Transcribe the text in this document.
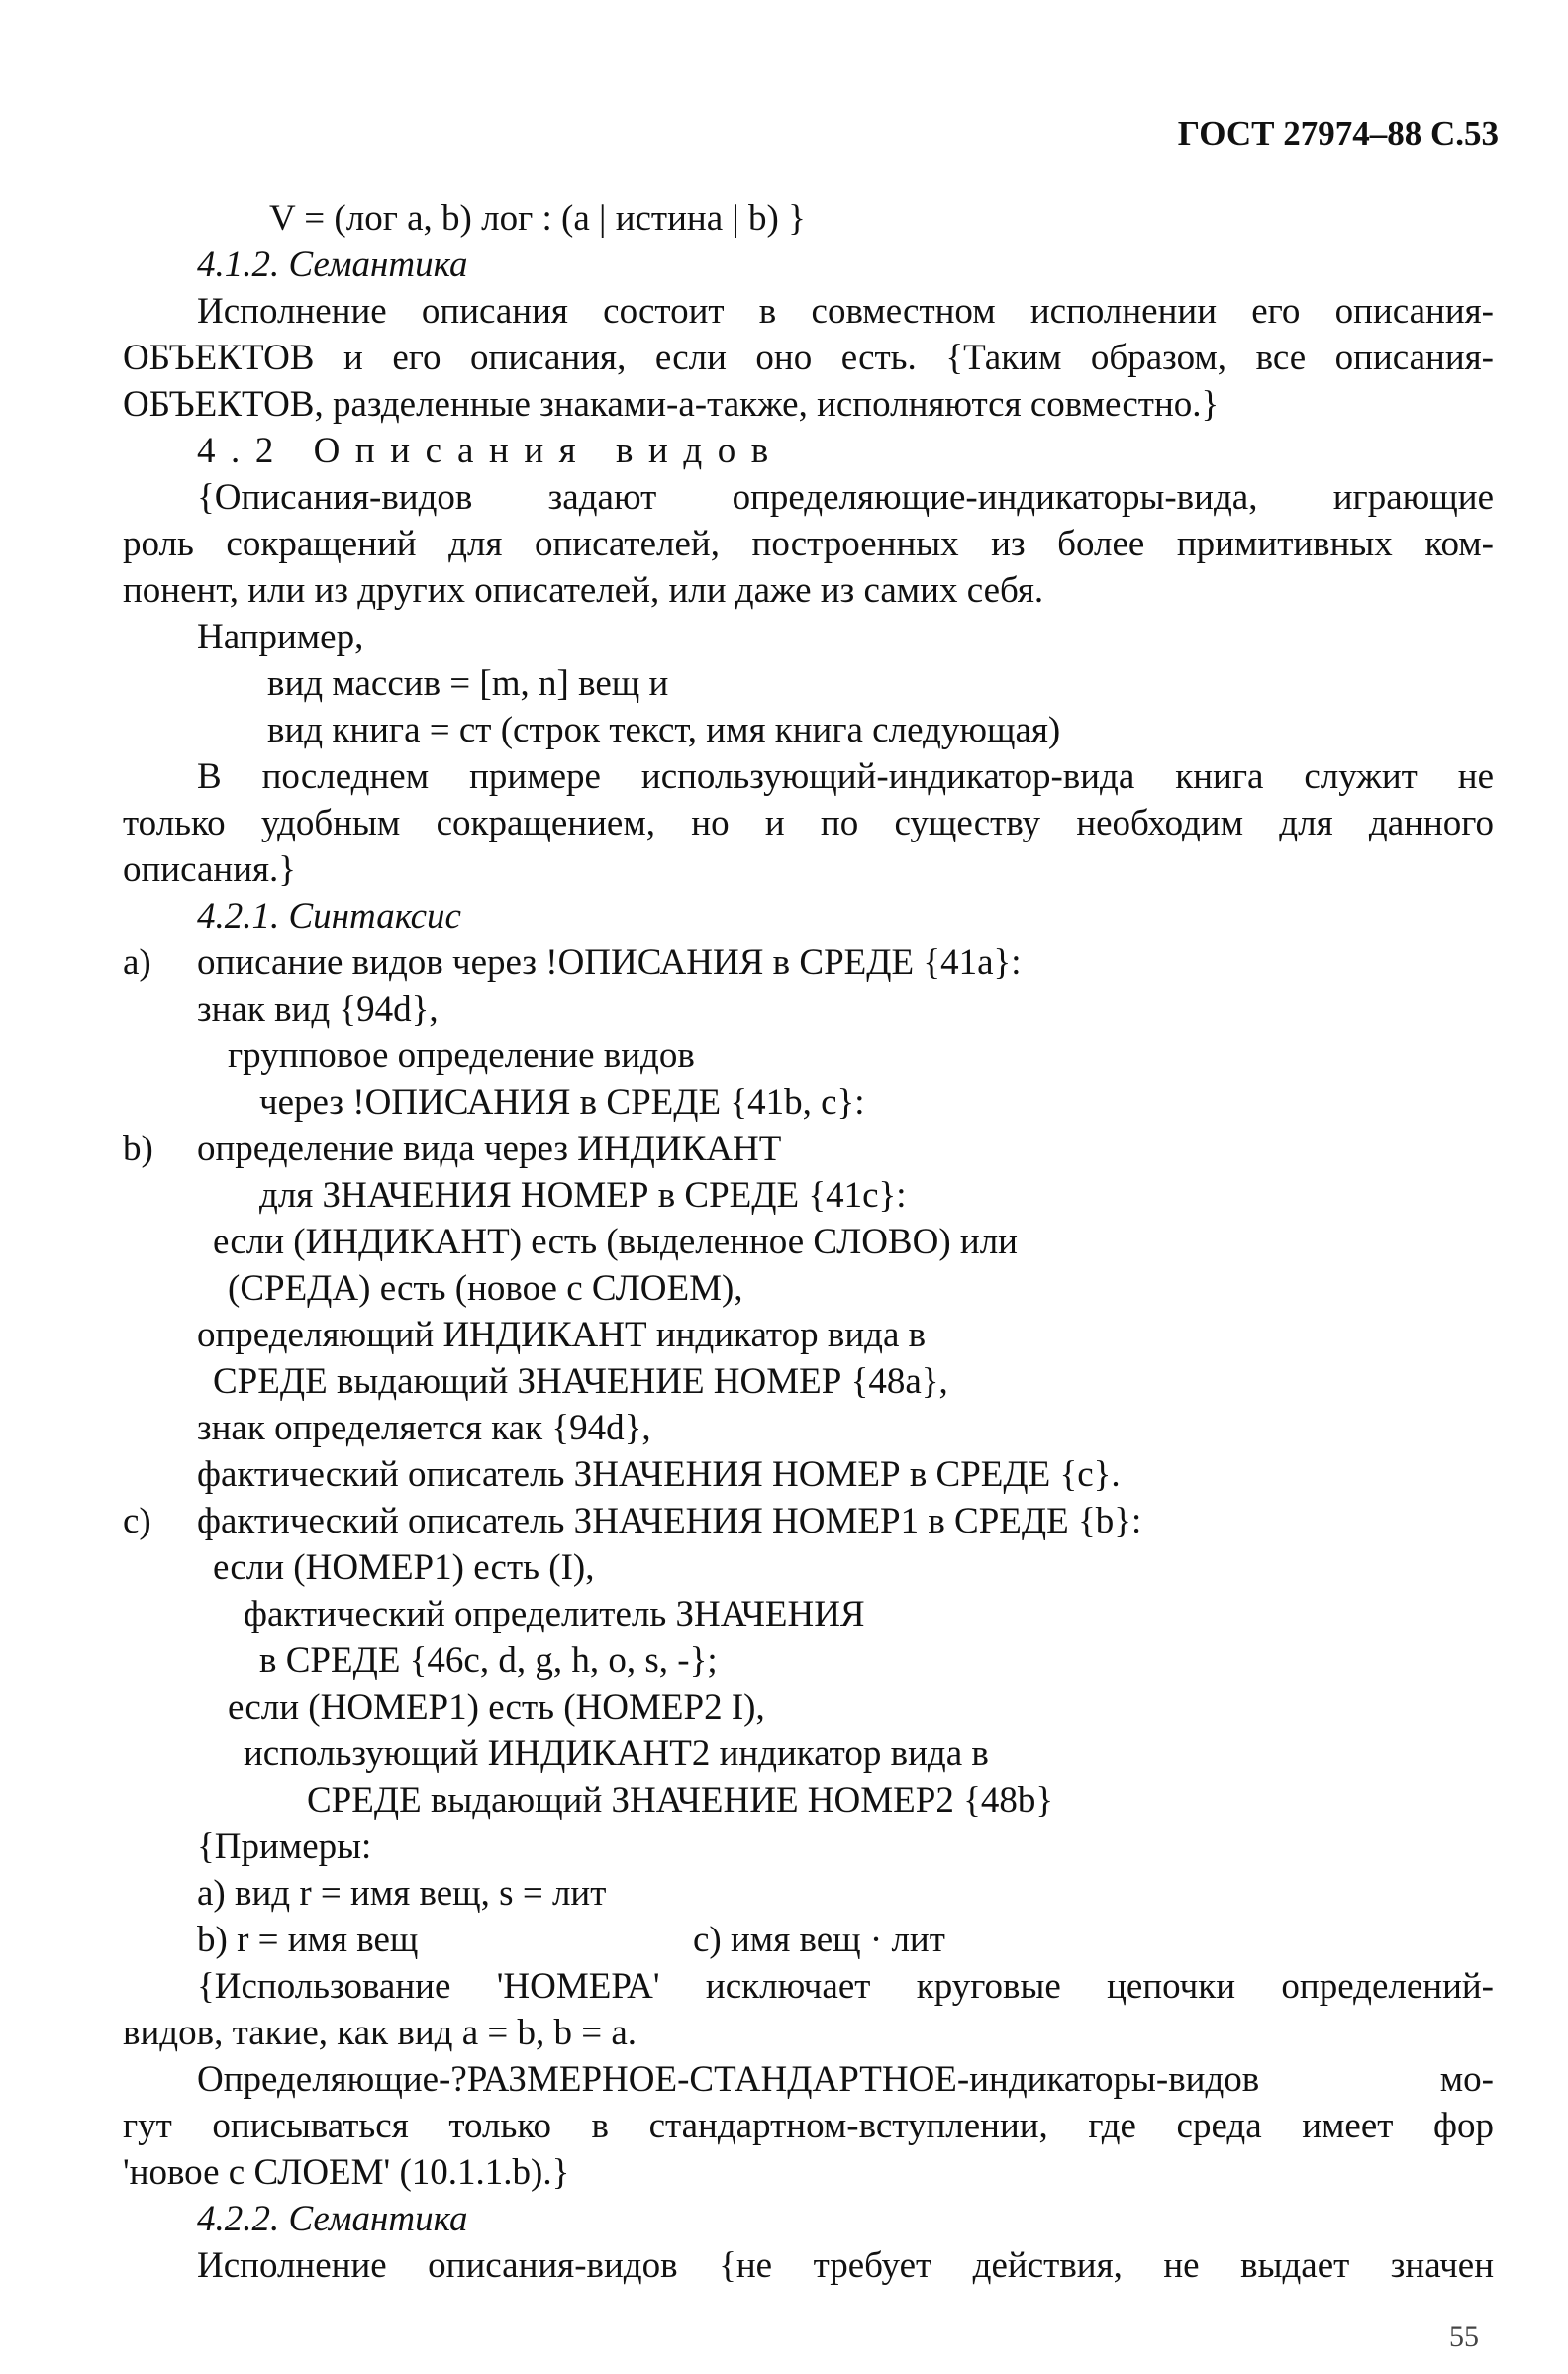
ГОСТ 27974–88 С.53
V = (лог a, b) лог : (a | истина | b) }
4.1.2. Семантика
Исполнение описания состоит в совместном исполнении его описания-
ОБЪЕКТОВ и его описания, если оно есть. {Таким образом, все описания-
ОБЪЕКТОВ, разделенные знаками-а-также, исполняются совместно.}
4.2 Описания видов
{Описания-видов задают определяющие-индикаторы-вида, играющие
роль сокращений для описателей, построенных из более примитивных ком-
понент, или из других описателей, или даже из самих себя.
Например,
вид массив = [m, n] вещ и
вид книга = ст (строк текст, имя книга следующая)
В последнем примере использующий-индикатор-вида книга служит не
только удобным сокращением, но и по существу необходим для данного
описания.}
4.2.1. Синтаксис
a) описание видов через !ОПИСАНИЯ в СРЕДЕ {41a}:
знак вид {94d},
групповое определение видов
через !ОПИСАНИЯ в СРЕДЕ {41b, c}:
b) определение вида через ИНДИКАНТ
для ЗНАЧЕНИЯ НОМЕР в СРЕДЕ {41c}:
если (ИНДИКАНТ) есть (выделенное СЛОВО) или
(СРЕДА) есть (новое с СЛОЕМ),
определяющий ИНДИКАНТ индикатор вида в
СРЕДЕ выдающий ЗНАЧЕНИЕ НОМЕР {48a},
знак определяется как {94d},
фактический описатель ЗНАЧЕНИЯ НОМЕР в СРЕДЕ {c}.
c) фактический описатель ЗНАЧЕНИЯ НОМЕР1 в СРЕДЕ {b}:
если (НОМЕР1) есть (I),
фактический определитель ЗНАЧЕНИЯ
в СРЕДЕ {46c, d, g, h, o, s, -};
если (НОМЕР1) есть (НОМЕР2 I),
использующий ИНДИКАНТ2 индикатор вида в
СРЕДЕ выдающий ЗНАЧЕНИЕ НОМЕР2 {48b}
{Примеры:
a) вид r = имя вещ, s = лит
b) r = имя вещ	c) имя вещ · лит
{Использование 'НОМЕРА' исключает круговые цепочки определений-
видов, такие, как вид a = b, b = a.
Определяющие-?РАЗМЕРНОЕ-СТАНДАРТНОЕ-индикаторы-видов мо-
гут описываться только в стандартном-вступлении, где среда имеет фор
'новое с СЛОЕМ' (10.1.1.b).}
4.2.2. Семантика
Исполнение описания-видов {не требует действия, не выдает значен
55
